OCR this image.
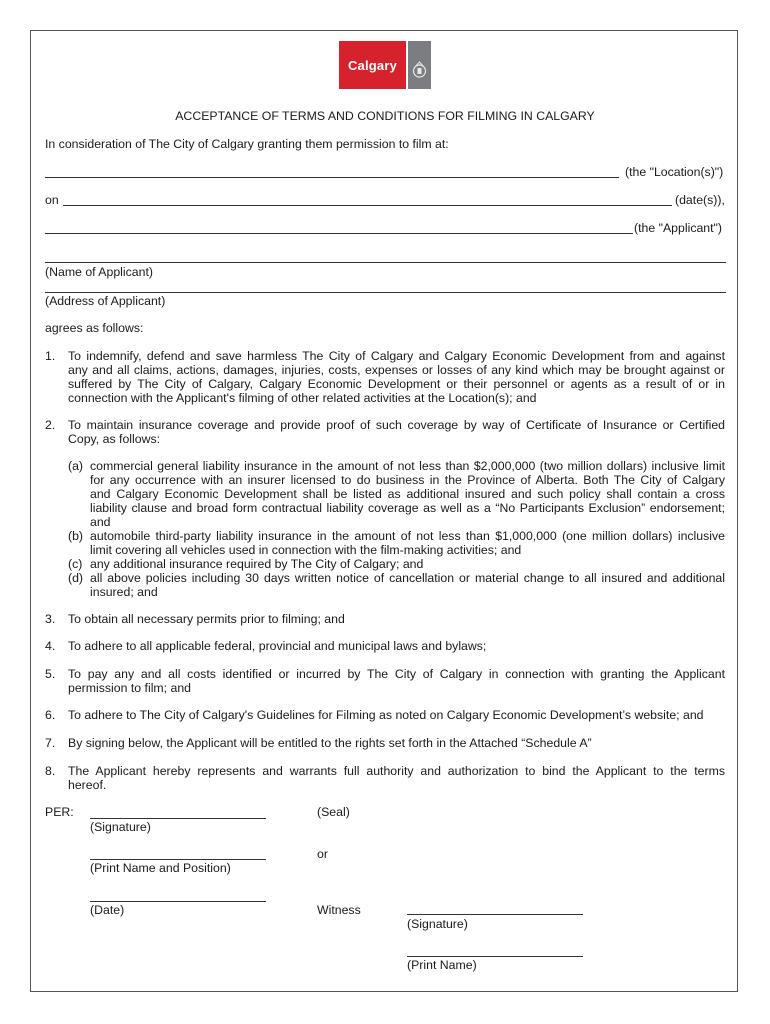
Calgary
ACCEPTANCE OF TERMS AND CONDITIONS FOR FILMING IN CALGARY
In consideration of The City of Calgary granting them permission to film at:
(the "Location(s)")
on	(date(s)),
(the "Applicant")
(Name of Applicant)
(Address of Applicant)
agrees as follows:
1. To indemnify, defend and save harmless The City of Calgary and Calgary Economic Development from and against
any and all claims, actions, damages, injuries, costs, expenses or losses of any kind which may be brought against or
suffered by The City of Calgary, Calgary Economic Development or their personnel or agents as a result of or in
connection with the Applicant's filming of other related activities at the Location(s); and
2. To maintain insurance coverage and provide proof of such coverage by way of Certificate of Insurance or Certified
Copy, as follows:
(a) commercial general liability insurance in the amount of not less than $2,000,000 (two million dollars) inclusive limit
for any occurrence with an insurer licensed to do business in the Province of Alberta. Both The City of Calgary
and Calgary Economic Development shall be listed as additional insured and such policy shall contain a cross
liability clause and broad form contractual liability coverage as well as a “No Participants Exclusion” endorsement;
and
(b) automobile third-party liability insurance in the amount of not less than $1,000,000 (one million dollars) inclusive
limit covering all vehicles used in connection with the film-making activities; and
(c) any additional insurance required by The City of Calgary; and
(d) all above policies including 30 days written notice of cancellation or material change to all insured and additional
insured; and
3. To obtain all necessary permits prior to filming; and
4. To adhere to all applicable federal, provincial and municipal laws and bylaws;
5. To pay any and all costs identified or incurred by The City of Calgary in connection with granting the Applicant
permission to film; and
6. To adhere to The City of Calgary's Guidelines for Filming as noted on Calgary Economic Development’s website; and
7. By signing below, the Applicant will be entitled to the rights set forth in the Attached “Schedule A”
8. The Applicant hereby represents and warrants full authority and authorization to bind the Applicant to the terms
hereof.
PER:
(Signature)
(Seal)
or
(Print Name and Position)
(Date)	Witness
(Signature)
(Print Name)
